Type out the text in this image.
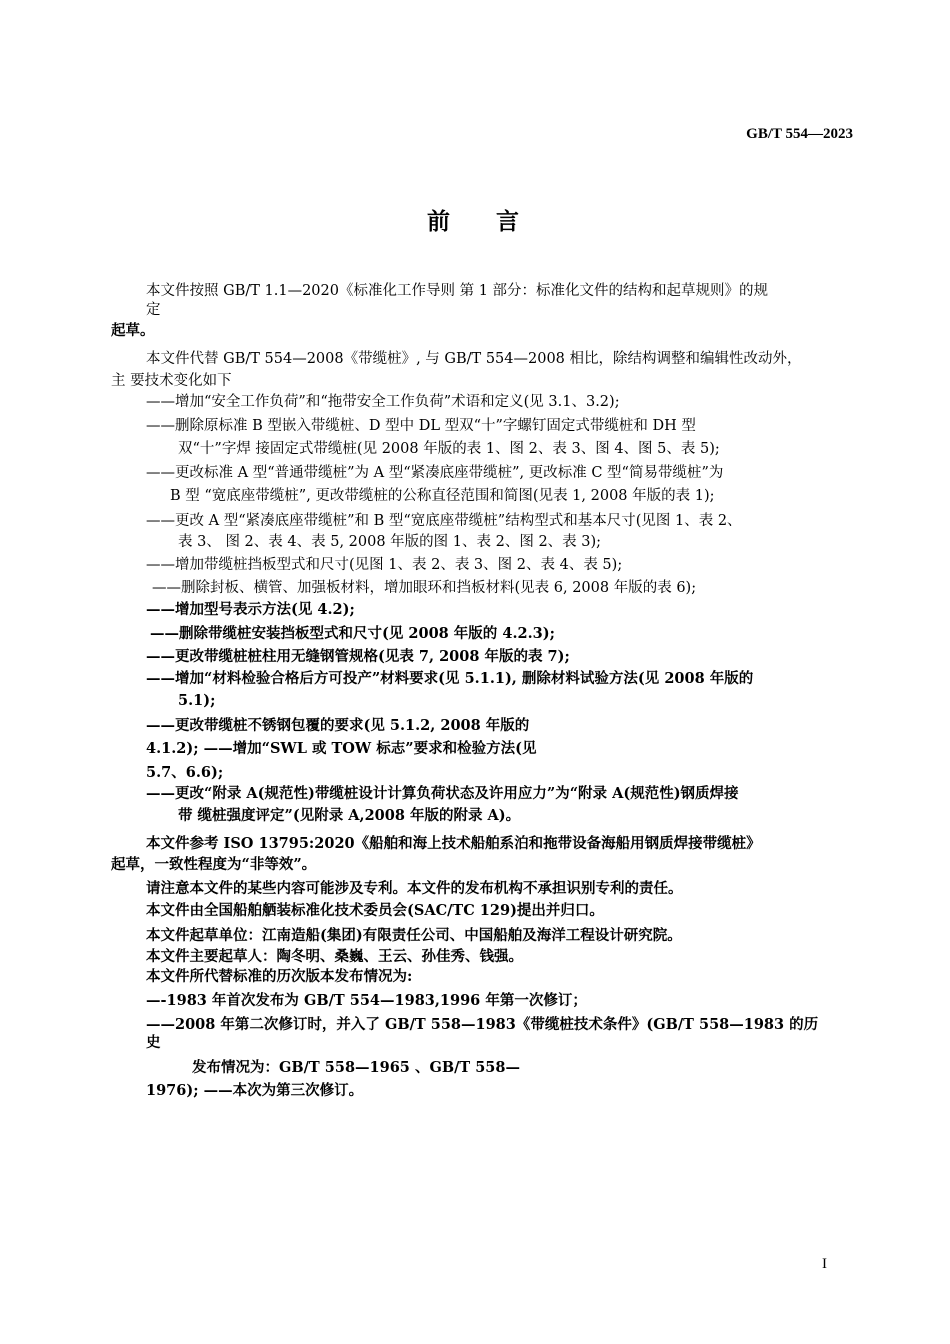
GB/T 554—2023
前 言
本文件按照 GB/T 1.1—2020《标准化工作导则 第 1 部分：标准化文件的结构和起草规则》的规
定
起草。
本文件代替 GB/T 554—2008《带缆桩》, 与 GB/T 554—2008 相比，除结构调整和编辑性改动外，
主 要技术变化如下
——增加“安全工作负荷”和“拖带安全工作负荷”术语和定义(见 3.1、3.2);
——删除原标准 B 型嵌入带缆桩、D 型中 DL 型双“十”字螺钉固定式带缆桩和 DH 型
双“十”字焊 接固定式带缆桩(见 2008 年版的表 1、图 2、表 3、图 4、图 5、表 5);
——更改标准 A 型“普通带缆桩”为 A 型“紧凑底座带缆桩”, 更改标准 C 型“简易带缆桩”为
B 型 “宽底座带缆桩”, 更改带缆桩的公称直径范围和简图(见表 1, 2008 年版的表 1);
——更改 A 型“紧凑底座带缆桩”和 B 型“宽底座带缆桩”结构型式和基本尺寸(见图 1、表 2、
表 3、 图 2、表 4、表 5, 2008 年版的图 1、表 2、图 2、表 3);
——增加带缆桩挡板型式和尺寸(见图 1、表 2、表 3、图 2、表 4、表 5);
——删除封板、横管、加强板材料，增加眼环和挡板材料(见表 6, 2008 年版的表 6);
——增加型号表示方法(见 4.2);
——删除带缆桩安装挡板型式和尺寸(见 2008 年版的 4.2.3);
——更改带缆桩桩柱用无缝钢管规格(见表 7, 2008 年版的表 7);
——增加“材料检验合格后方可投产”材料要求(见 5.1.1), 删除材料试验方法(见 2008 年版的
5.1);
——更改带缆桩不锈钢包覆的要求(见 5.1.2, 2008 年版的
4.1.2); ——增加“SWL 或 TOW 标志”要求和检验方法(见
5.7、6.6);
——更改“附录 A(规范性)带缆桩设计计算负荷状态及许用应力”为“附录 A(规范性)钢质焊接
带 缆桩强度评定”(见附录 A,2008 年版的附录 A)。
本文件参考 ISO 13795:2020《船舶和海上技术船舶系泊和拖带设备海船用钢质焊接带缆桩》
起草，一致性程度为“非等效”。
请注意本文件的某些内容可能涉及专利。本文件的发布机构不承担识别专利的责任。
本文件由全国船舶舾装标准化技术委员会(SAC/TC 129)提出并归口。
本文件起草单位：江南造船(集团)有限责任公司、中国船舶及海洋工程设计研究院。
本文件主要起草人：陶冬明、桑巍、王云、孙佳秀、钱强。
本文件所代替标准的历次版本发布情况为:
—-1983 年首次发布为 GB/T 554—1983,1996 年第一次修订；
——2008 年第二次修订时，并入了 GB/T 558—1983《带缆桩技术条件》(GB/T 558—1983 的历
史
发布情况为：GB/T 558—1965 、GB/T 558—
1976); ——本次为第三次修订。
I
